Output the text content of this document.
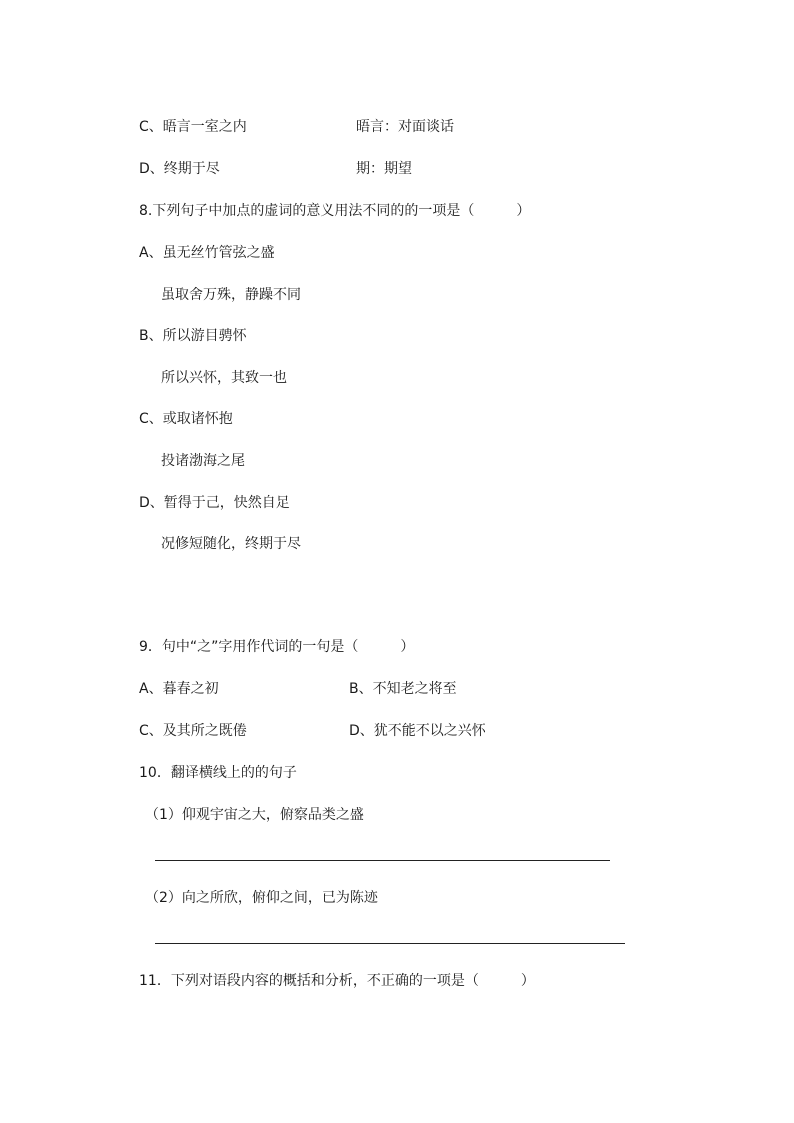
C、晤言一室之内	晤言：对面谈话
D、终期于尽	期：期望
8.下列句子中加点的虚词的意义用法不同的的一项是（　　　）
A、虽无丝竹管弦之盛
虽取舍万殊，静躁不同
B、所以游目骋怀
所以兴怀，其致一也
C、或取诸怀抱
投诸渤海之尾
D、暂得于己，快然自足
况修短随化，终期于尽
9．句中“之”字用作代词的一句是（　　　）
A、暮春之初	B、不知老之将至
C、及其所之既倦	D、犹不能不以之兴怀
10．翻译横线上的的句子
（1）仰观宇宙之大，俯察品类之盛
（2）向之所欣，俯仰之间，已为陈迹
11．下列对语段内容的概括和分析，不正确的一项是（　　　）
